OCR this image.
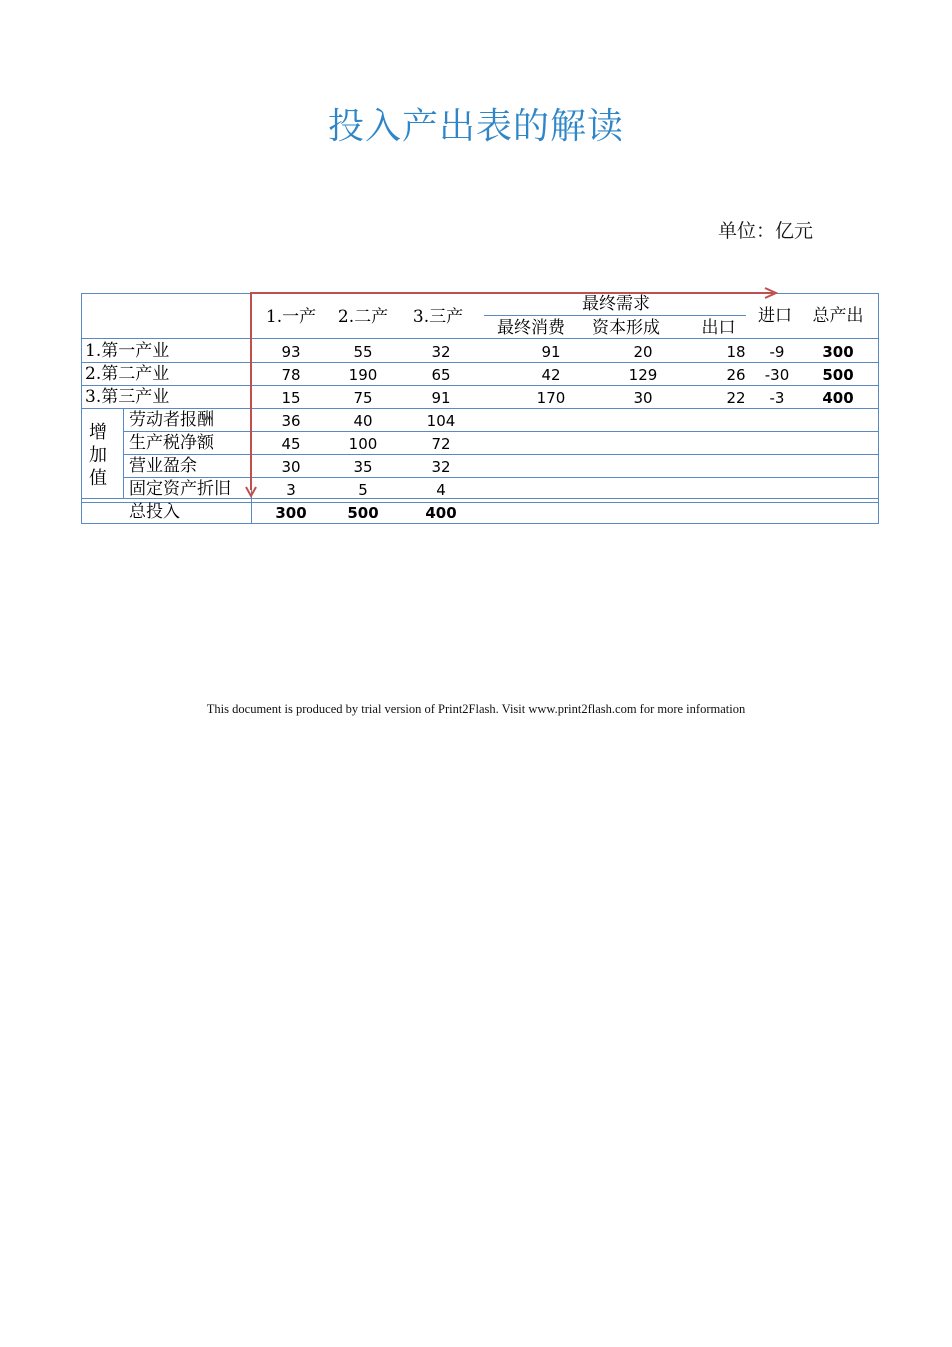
投入产出表的解读
单位：亿元
1.一产	2.二产	3.三产
最终需求
最终消费	资本形成	出口
进口	总产出
1.第一产业	93	55	32	91	20	18	-9	300
2.第二产业	78	190	65	42	129	26	-30	500
3.第三产业	15	75	91	170	30	22	-3	400
增加值
劳动者报酬	36	40	104
生产税净额	45	100	72
营业盈余	30	35	32
固定资产折旧	3	5	4
总投入	300	500	400
This document is produced by trial version of Print2Flash. Visit www.print2flash.com for more information
